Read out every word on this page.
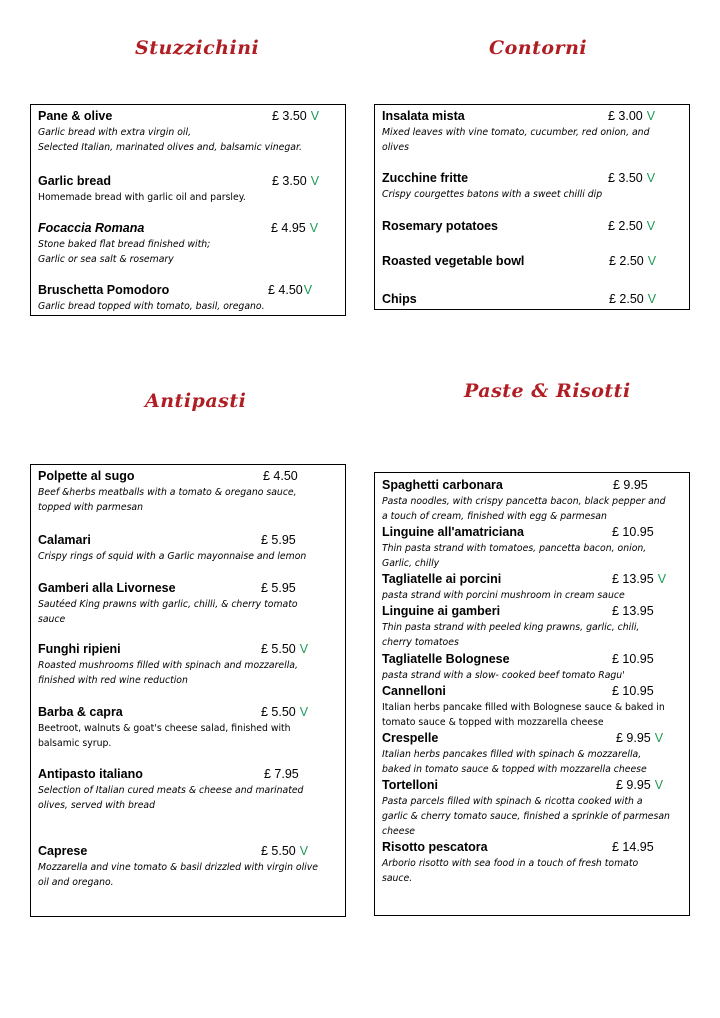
Stuzzichini	Contorni
Antipasti	Paste & Risotti
Pane & olive	£ 3.50 V
Garlic bread with extra virgin oil,
Selected Italian, marinated olives and, balsamic vinegar.
Garlic bread	£ 3.50 V
Homemade bread with garlic oil and parsley.
Focaccia Romana	£ 4.95 V
Stone baked flat bread finished with;
Garlic or sea salt & rosemary
Bruschetta Pomodoro	£ 4.50V
Garlic bread topped with tomato, basil, oregano.
Insalata mista	£ 3.00 V
Mixed leaves with vine tomato, cucumber, red onion, and
olives
Zucchine fritte	£ 3.50 V
Crispy courgettes batons with a sweet chilli dip
Rosemary potatoes	£ 2.50 V
Roasted vegetable bowl	£ 2.50 V
Chips	£ 2.50 V
Polpette al sugo	£ 4.50
Beef &herbs meatballs with a tomato & oregano sauce,
topped with parmesan
Calamari	£ 5.95
Crispy rings of squid with a Garlic mayonnaise and lemon
Gamberi alla Livornese	£ 5.95
Sautéed King prawns with garlic, chilli, & cherry tomato
sauce
Funghi ripieni	£ 5.50 V
Roasted mushrooms filled with spinach and mozzarella,
finished with red wine reduction
Barba & capra	£ 5.50 V
Beetroot, walnuts & goat's cheese salad, finished with
balsamic syrup.
Antipasto italiano	£ 7.95
Selection of Italian cured meats & cheese and marinated
olives, served with bread
Caprese	£ 5.50 V
Mozzarella and vine tomato & basil drizzled with virgin olive
oil and oregano.
Spaghetti carbonara	£ 9.95
Pasta noodles, with crispy pancetta bacon, black pepper and
a touch of cream, finished with egg & parmesan
Linguine all'amatriciana	£ 10.95
Thin pasta strand with tomatoes, pancetta bacon, onion,
Garlic, chilly
Tagliatelle ai porcini	£ 13.95 V
pasta strand with porcini mushroom in cream sauce
Linguine ai gamberi	£ 13.95
Thin pasta strand with peeled king prawns, garlic, chili,
cherry tomatoes
Tagliatelle Bolognese	£ 10.95
pasta strand with a slow- cooked beef tomato Ragu'
Cannelloni	£ 10.95
Italian herbs pancake filled with Bolognese sauce & baked in
tomato sauce & topped with mozzarella cheese
Crespelle	£ 9.95 V
Italian herbs pancakes filled with spinach & mozzarella,
baked in tomato sauce & topped with mozzarella cheese
Tortelloni	£ 9.95 V
Pasta parcels filled with spinach & ricotta cooked with a
garlic & cherry tomato sauce, finished a sprinkle of parmesan
cheese
Risotto pescatora	£ 14.95
Arborio risotto with sea food in a touch of fresh tomato
sauce.
